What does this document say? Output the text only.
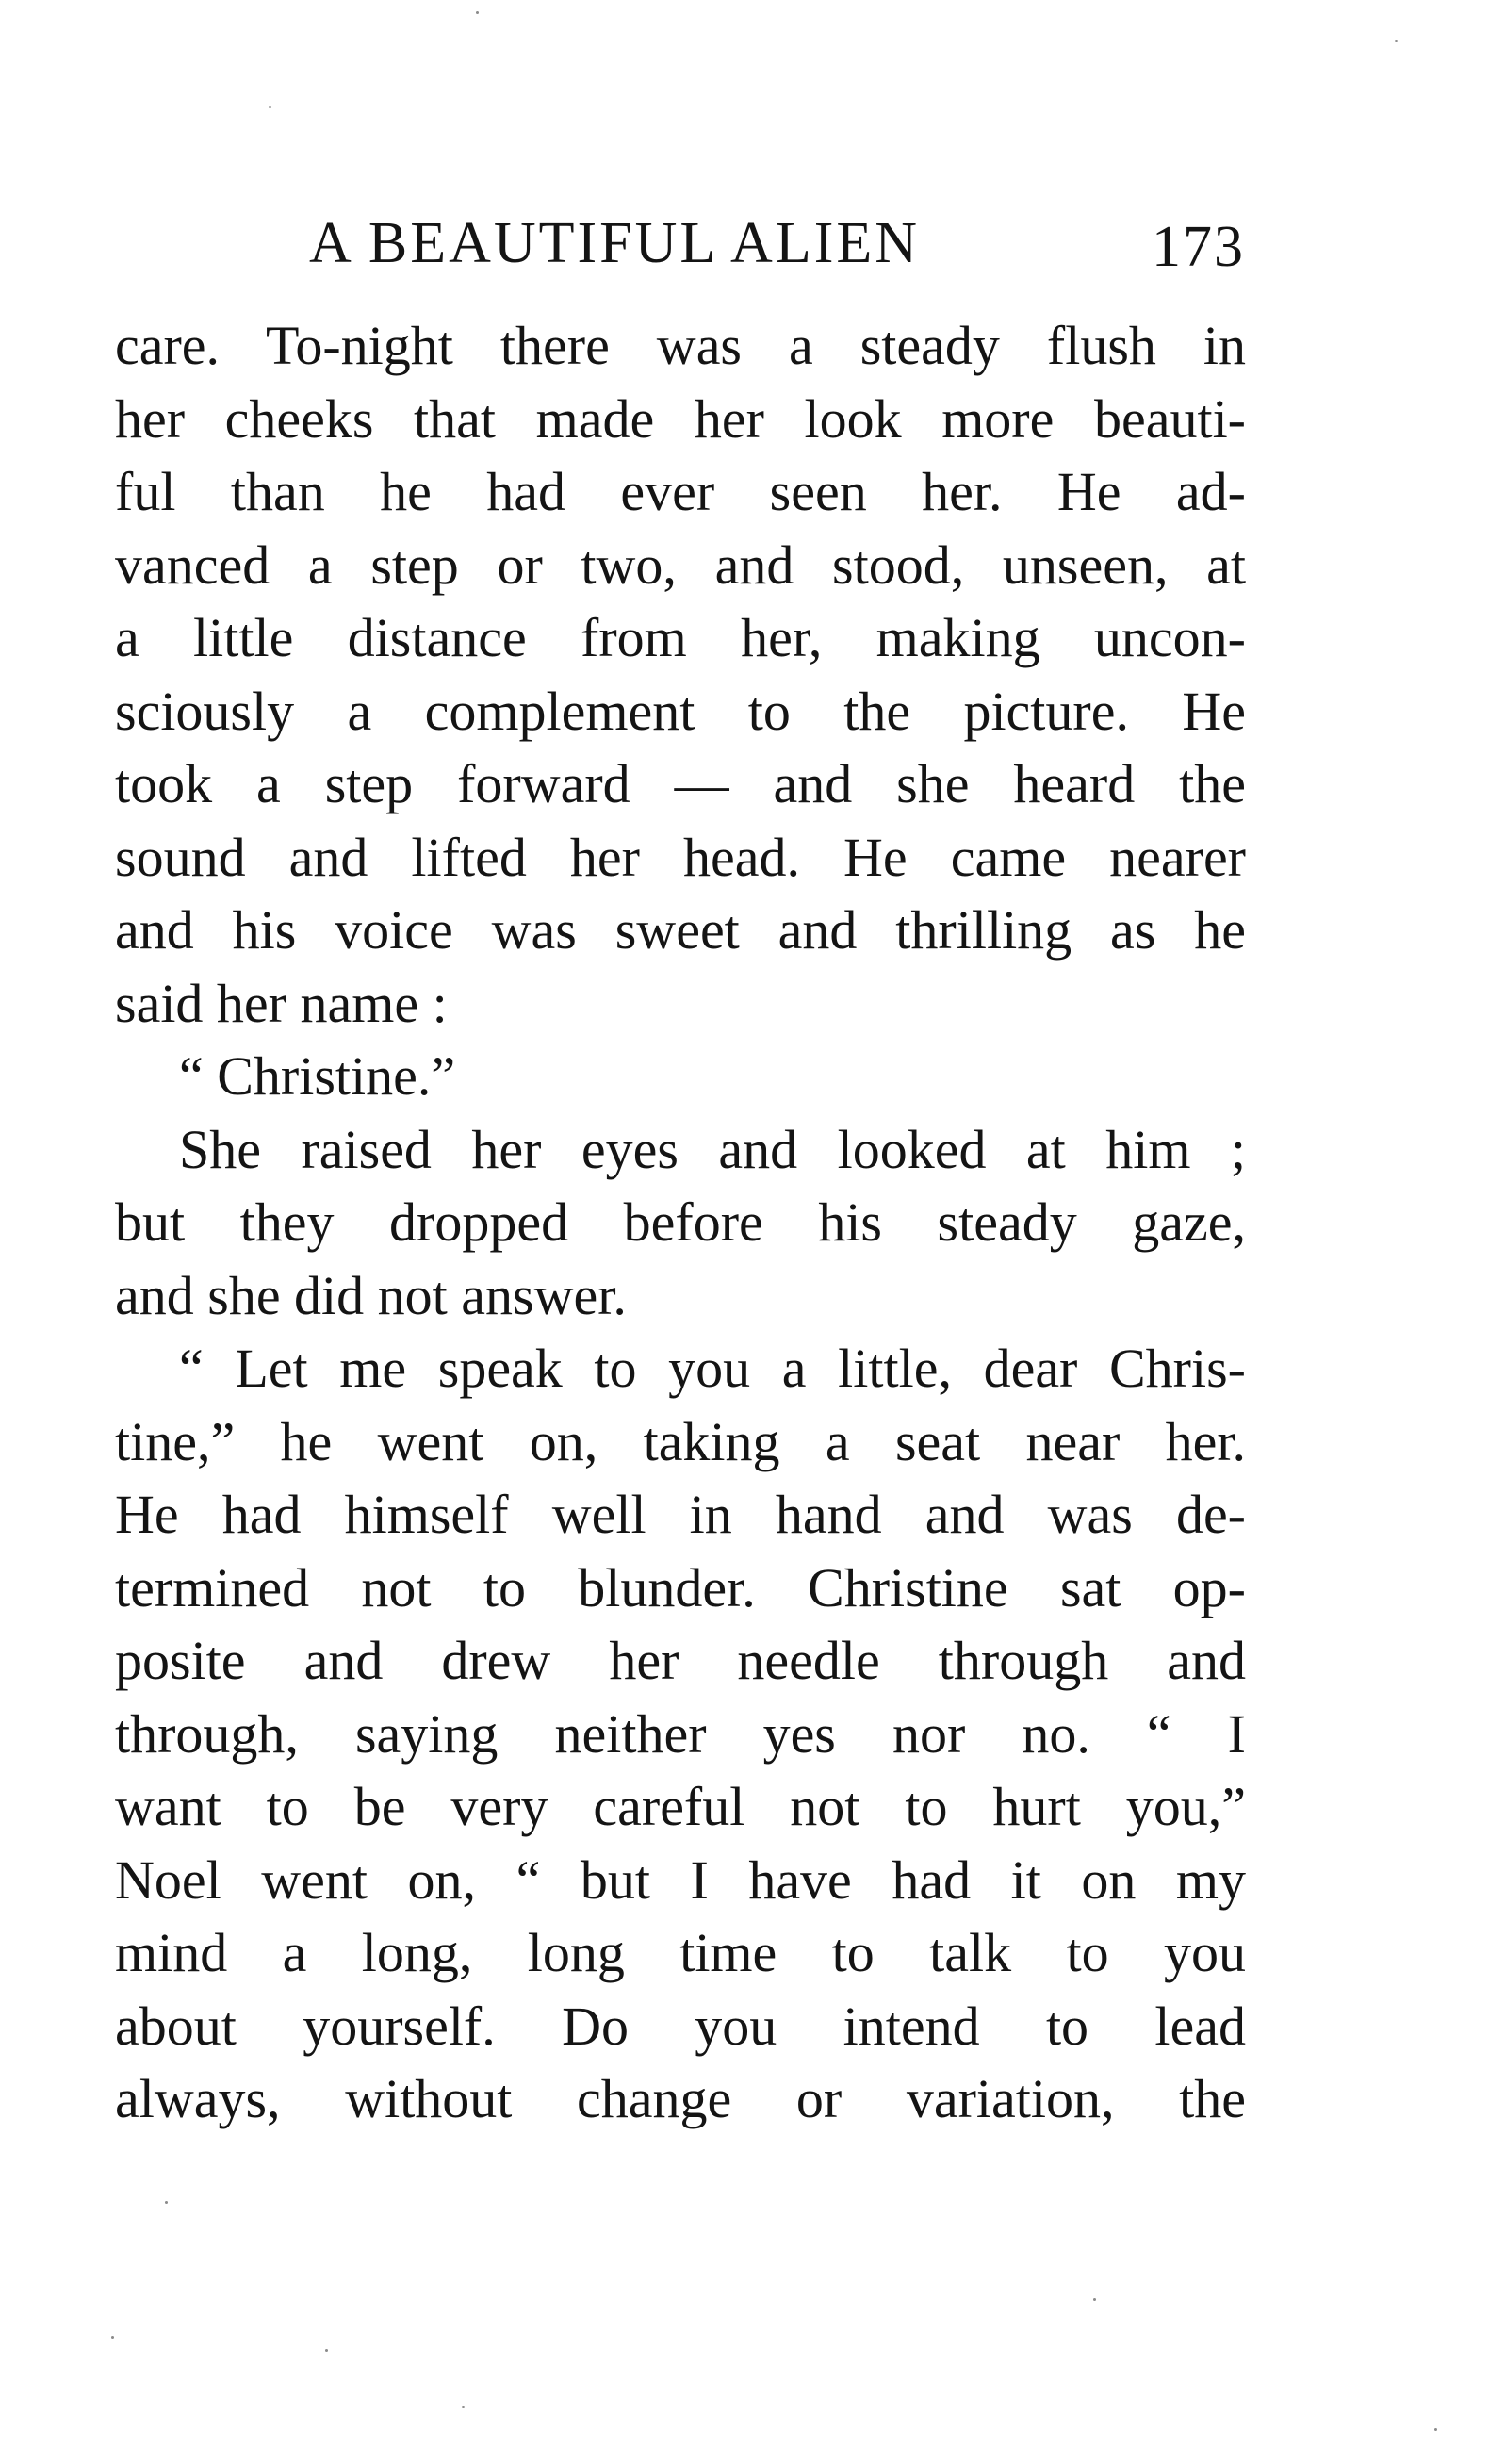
A BEAUTIFUL ALIEN	173
care. To-night there was a steady flush in
her cheeks that made her look more beauti-
ful than he had ever seen her. He ad-
vanced a step or two, and stood, unseen, at
a little distance from her, making uncon-
sciously a complement to the picture. He
took a step forward — and she heard the
sound and lifted her head. He came nearer
and his voice was sweet and thrilling as he
said her name :
“ Christine.”
She raised her eyes and looked at him ;
but they dropped before his steady gaze,
and she did not answer.
“ Let me speak to you a little, dear Chris-
tine,” he went on, taking a seat near her.
He had himself well in hand and was de-
termined not to blunder. Christine sat op-
posite and drew her needle through and
through, saying neither yes nor no. “ I
want to be very careful not to hurt you,”
Noel went on, “ but I have had it on my
mind a long, long time to talk to you
about yourself. Do you intend to lead
always, without change or variation, the
